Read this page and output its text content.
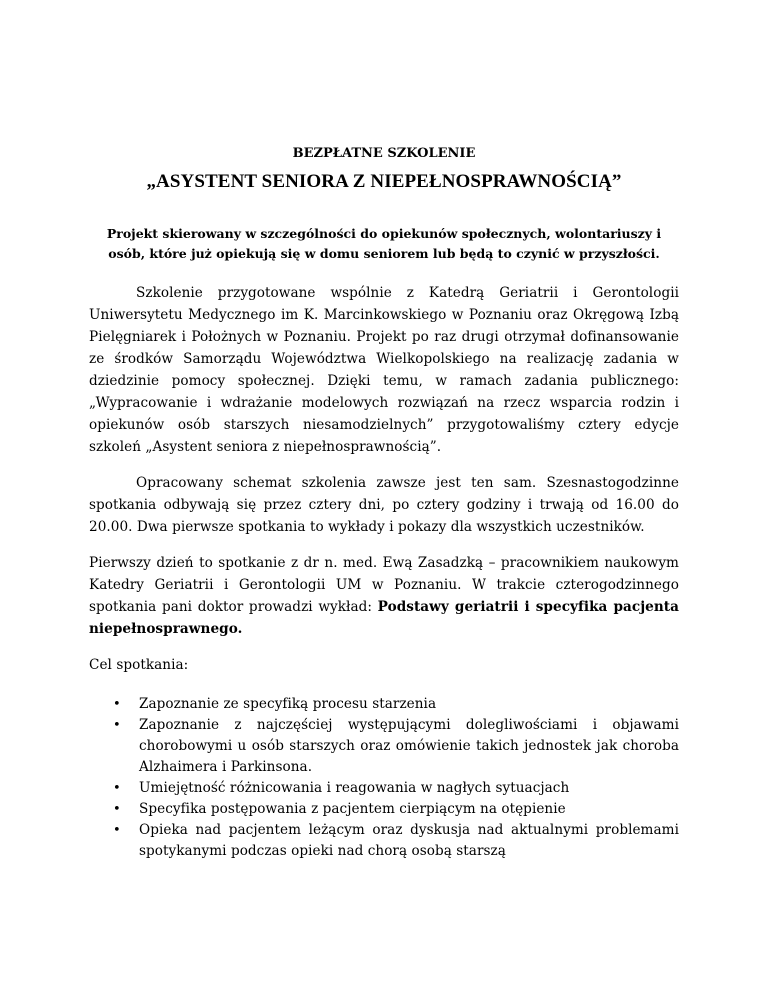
BEZPŁATNE SZKOLENIE
„ASYSTENT SENIORA Z NIEPEŁNOSPRAWNOŚCIĄ”
Projekt skierowany w szczególności do opiekunów społecznych, wolontariuszy i osób, które już opiekują się w domu seniorem lub będą to czynić w przyszłości.

Szkolenie przygotowane wspólnie z Katedrą Geriatrii i Gerontologii Uniwersytetu Medycznego im K. Marcinkowskiego w Poznaniu oraz Okręgową Izbą Pielęgniarek i Położnych w Poznaniu. Projekt po raz drugi otrzymał dofinansowanie ze środków Samorządu Województwa Wielkopolskiego na realizację zadania w dziedzinie pomocy społecznej. Dzięki temu, w ramach zadania publicznego: „Wypracowanie i wdrażanie modelowych rozwiązań na rzecz wsparcia rodzin i opiekunów osób starszych niesamodzielnych” przygotowaliśmy cztery edycje szkoleń „Asystent seniora z niepełnosprawnością”.

Opracowany schemat szkolenia zawsze jest ten sam. Szesnastogodzinne spotkania odbywają się przez cztery dni, po cztery godziny i trwają od 16.00 do 20.00. Dwa pierwsze spotkania to wykłady i pokazy dla wszystkich uczestników.

Pierwszy dzień to spotkanie z dr n. med. Ewą Zasadzką – pracownikiem naukowym Katedry Geriatrii i Gerontologii UM w Poznaniu. W trakcie czterogodzinnego spotkania pani doktor prowadzi wykład: Podstawy geriatrii i specyfika pacjenta niepełnosprawnego.

Cel spotkania:

• Zapoznanie ze specyfiką procesu starzenia
• Zapoznanie z najczęściej występującymi dolegliwościami i objawami chorobowymi u osób starszych oraz omówienie takich jednostek jak choroba Alzhaimera i Parkinsona.
• Umiejętność różnicowania i reagowania w nagłych sytuacjach
• Specyfika postępowania z pacjentem cierpiącym na otępienie
• Opieka nad pacjentem leżącym oraz dyskusja nad aktualnymi problemami spotykanymi podczas opieki nad chorą osobą starszą
